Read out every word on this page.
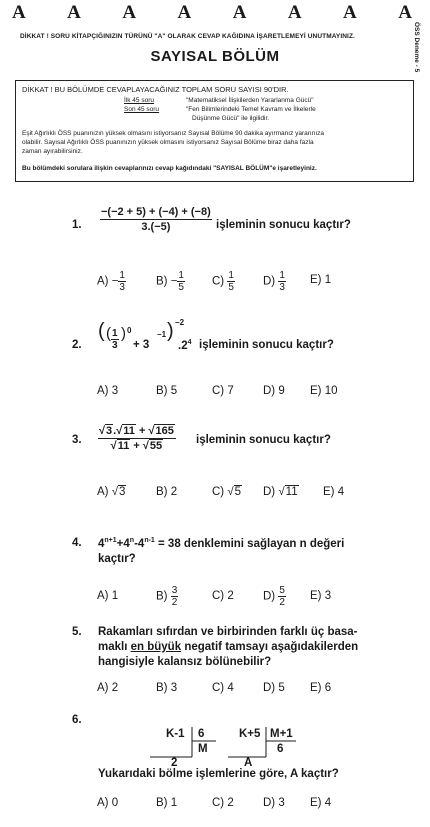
A A A A A A A A
DİKKAT ! SORU KİTAPÇIĞINIZIN TÜRÜNÜ "A" OLARAK CEVAP KAĞIDINA İŞARETLEMEYİ UNUTMAYINIZ.	ÖSS Deneme - 5
SAYISAL BÖLÜM
DİKKAT ! BU BÖLÜMDE CEVAPLAYACAĞINIZ TOPLAM SORU SAYISI 90'DIR.
İlk 45 soru	"Matematiksel İlişkilerden Yararlanma Gücü"
Son 45 soru	"Fen Bilimlerindeki Temel Kavram ve İlkelerle
Düşünme Gücü" ile ilgilidir.
Eşit Ağırlıklı ÖSS puanınızın yüksek olmasını istiyorsanız Sayısal Bölüme 90 dakika ayırmanız yararınıza
olabilir. Sayısal Ağırlıklı ÖSS puanınızın yüksek olmasını istiyorsanız Sayısal Bölüme biraz daha fazla
zaman ayırabilirsiniz.
Bu bölümdeki sorulara ilişkin cevaplarınızı cevap kağıdındaki "SAYISAL BÖLÜM"e işaretleyiniz.
1. $\frac{-(-2 + 5) + (-4) + (-8)}{3.(-5)}$ işleminin sonucu kaçtır?
$A) - \frac{1}{3}$	$B) - \frac{1}{5} C) \frac{1}{5} D) \frac{1}{3} E$) 1
2.
( ( $\frac{1}{3}$ ) 0
+ 3
−1 ) −2
$.2^4$ işleminin sonucu kaçtır?
A) 3	B) 5	C) 7	D) 9 E) 10
3. $\frac{√3.√11 + √165}{√11 + √55}$ işleminin sonucu kaçtır?
A) √3	B) 2	C) √5 D) √11 E) 4
4. $4^{n+1}+4^n-4^{n-1} = 38$ denklemini sağlayan n değeri
kaçtır?
A) 1	$B) \frac{3}{2}$	C) 2	$D) \frac{5}{2} E$) 3
5. Rakamları sıfırdan ve birbirinden farklı üç basa-
maklı en büyük negatif tamsayı aşağıdakilerden
hangisiyle kalansız bölünebilir?
A) 2	B) 3	C) 4	D) 5 E) 6
6.
K-1 6
M
2
K+5 M+1
6
A
Yukarıdaki bölme işlemlerine göre, A kaçtır?
A) 0	B) 1	C) 2	D) 3 E) 4
